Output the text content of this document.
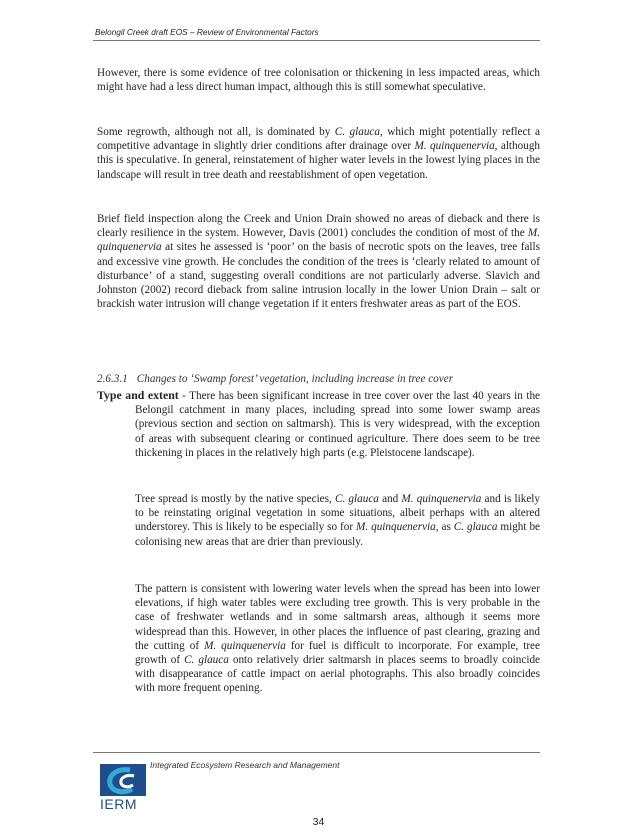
Belongil Creek draft EOS – Review of Environmental Factors

However, there is some evidence of tree colonisation or thickening in less impacted areas, which might have had a less direct human impact, although this is still somewhat speculative.

Some regrowth, although not all, is dominated by C. glauca, which might potentially reflect a competitive advantage in slightly drier conditions after drainage over M. quinquenervia, although this is speculative. In general, reinstatement of higher water levels in the lowest lying places in the landscape will result in tree death and reestablishment of open vegetation.

Brief field inspection along the Creek and Union Drain showed no areas of dieback and there is clearly resilience in the system. However, Davis (2001) concludes the condition of most of the M. quinquenervia at sites he assessed is ‘poor’ on the basis of necrotic spots on the leaves, tree falls and excessive vine growth. He concludes the condition of the trees is ‘clearly related to amount of disturbance’ of a stand, suggesting overall conditions are not particularly adverse. Slavich and Johnston (2002) record dieback from saline intrusion locally in the lower Union Drain – salt or brackish water intrusion will change vegetation if it enters freshwater areas as part of the EOS.

2.6.3.1 Changes to ‘Swamp forest’ vegetation, including increase in tree cover

Type and extent - There has been significant increase in tree cover over the last 40 years in the Belongil catchment in many places, including spread into some lower swamp areas (previous section and section on saltmarsh). This is very widespread, with the exception of areas with subsequent clearing or continued agriculture. There does seem to be tree thickening in places in the relatively high parts (e.g. Pleistocene landscape).

Tree spread is mostly by the native species, C. glauca and M. quinquenervia and is likely to be reinstating original vegetation in some situations, albeit perhaps with an altered understorey. This is likely to be especially so for M. quinquenervia, as C. glauca might be colonising new areas that are drier than previously.

The pattern is consistent with lowering water levels when the spread has been into lower elevations, if high water tables were excluding tree growth. This is very probable in the case of freshwater wetlands and in some saltmarsh areas, although it seems more widespread than this. However, in other places the influence of past clearing, grazing and the cutting of M. quinquenervia for fuel is difficult to incorporate. For example, tree growth of C. glauca onto relatively drier saltmarsh in places seems to broadly coincide with disappearance of cattle impact on aerial photographs. This also broadly coincides with more frequent opening.

IERM
Integrated Ecosystem Research and Management
34
